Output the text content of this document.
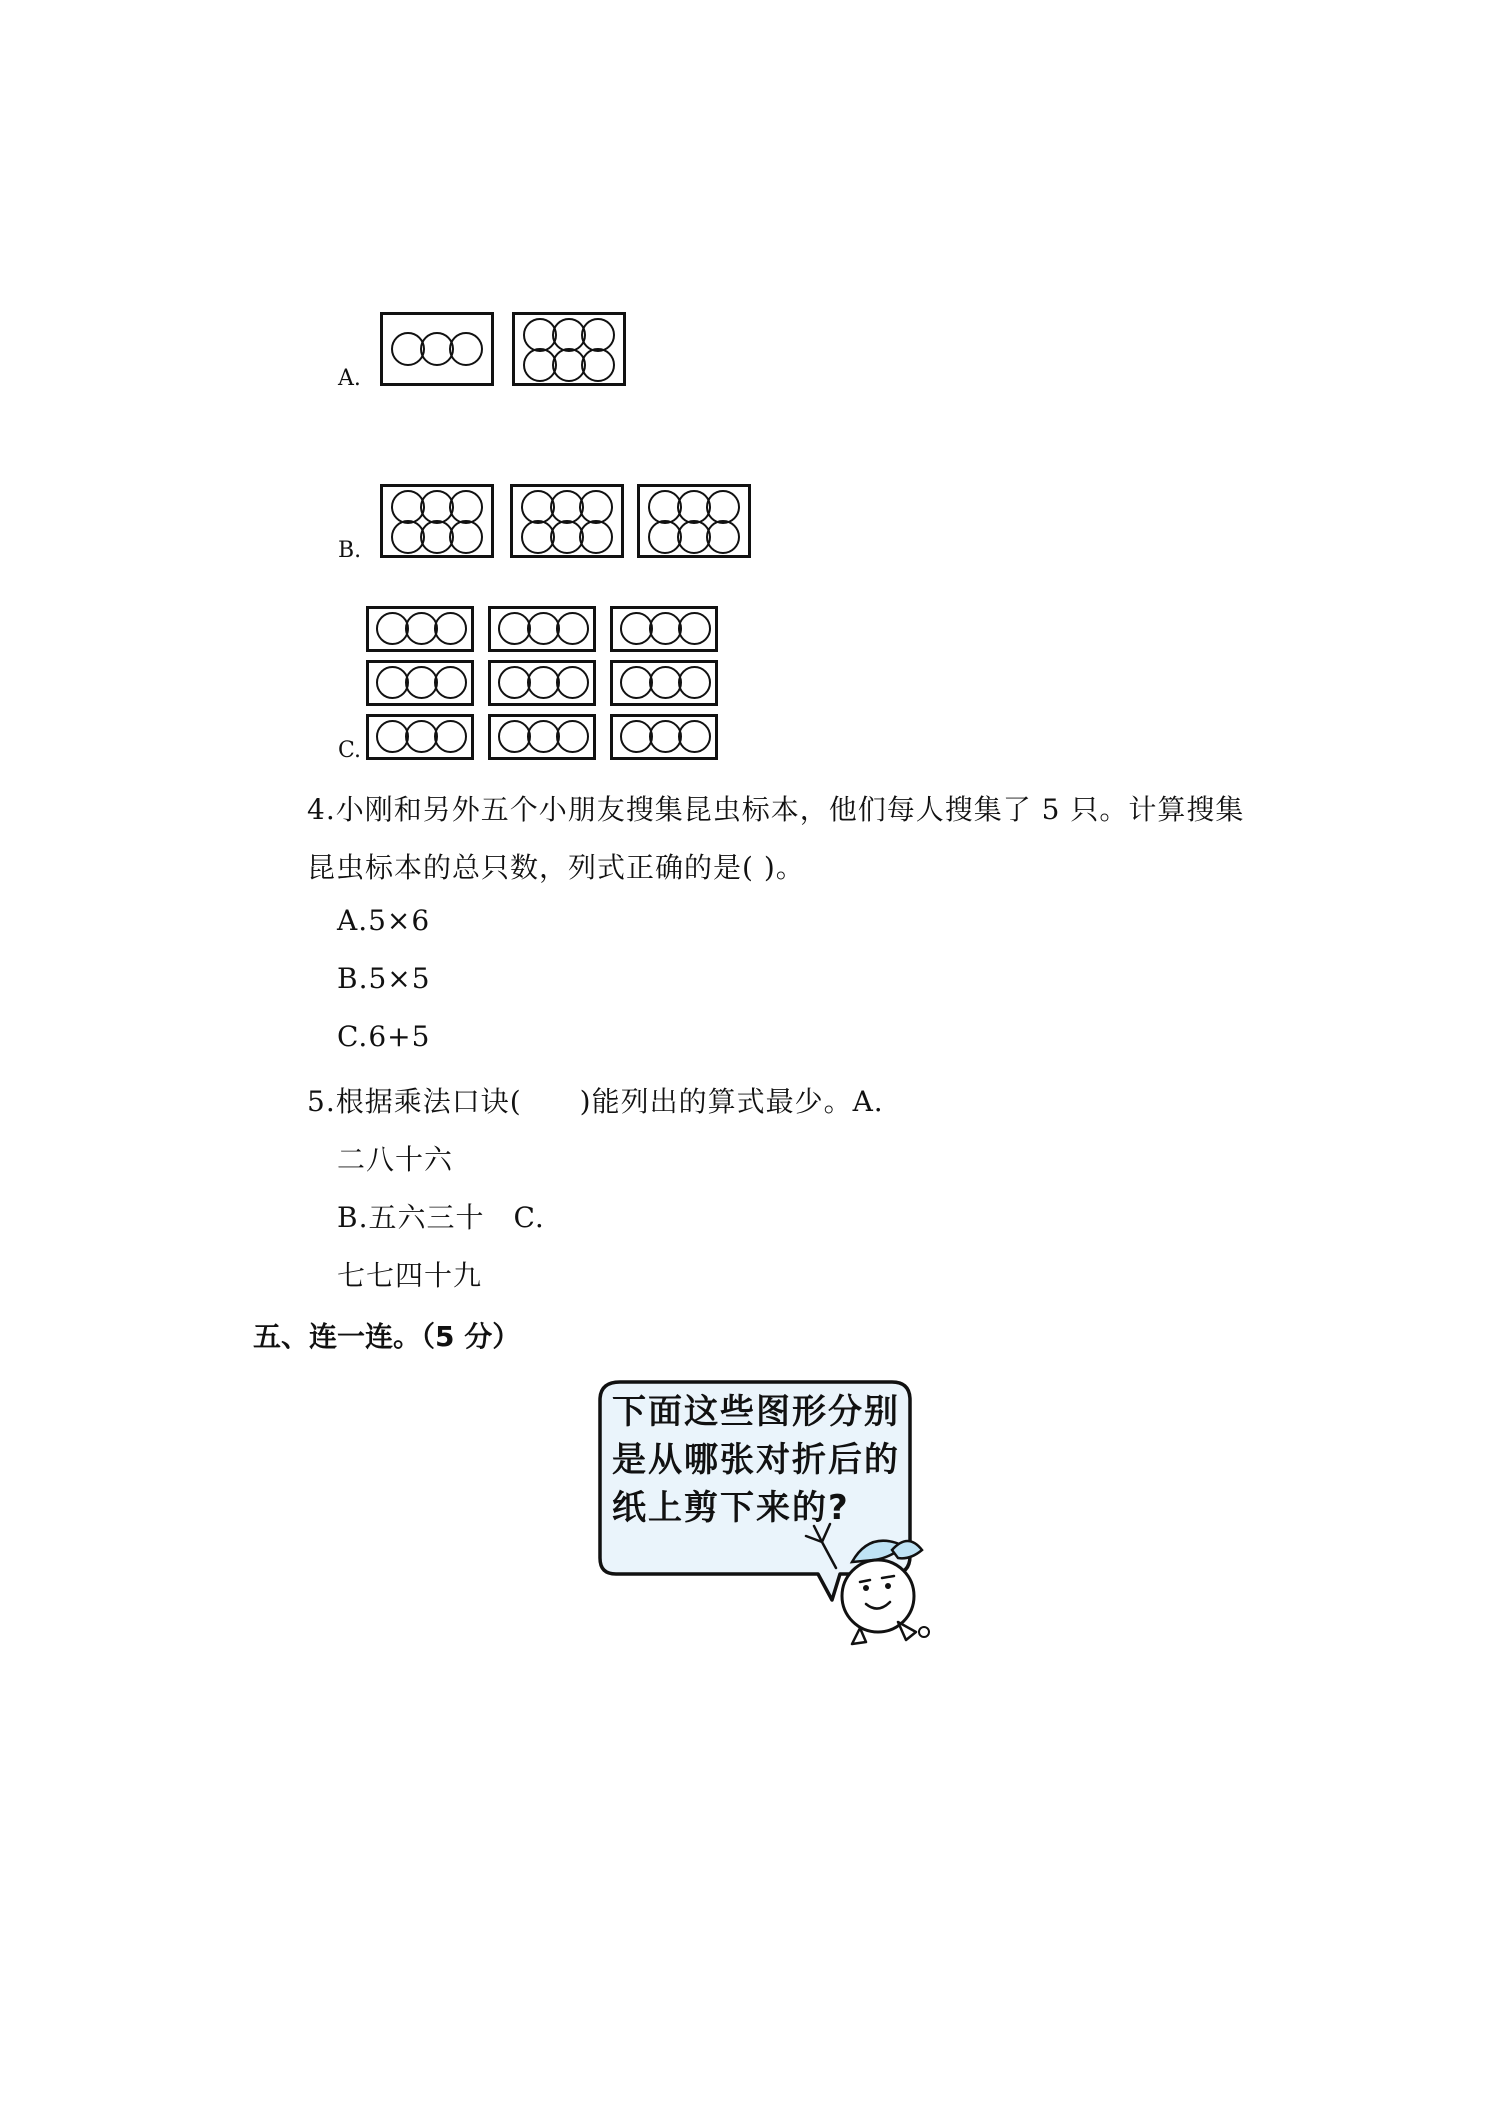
A.
B.
C.
4.小刚和另外五个小朋友搜集昆虫标本，他们每人搜集了 5 只。计算搜集
昆虫标本的总只数，列式正确的是( )。
A.5×6
B.5×5
C.6+5
5.根据乘法口诀(　　)能列出的算式最少。A.
二八十六
B.五六三十　C.
七七四十九
五、连一连。（5 分）
下面这些图形分别
是从哪张对折后的
纸上剪下来的?
